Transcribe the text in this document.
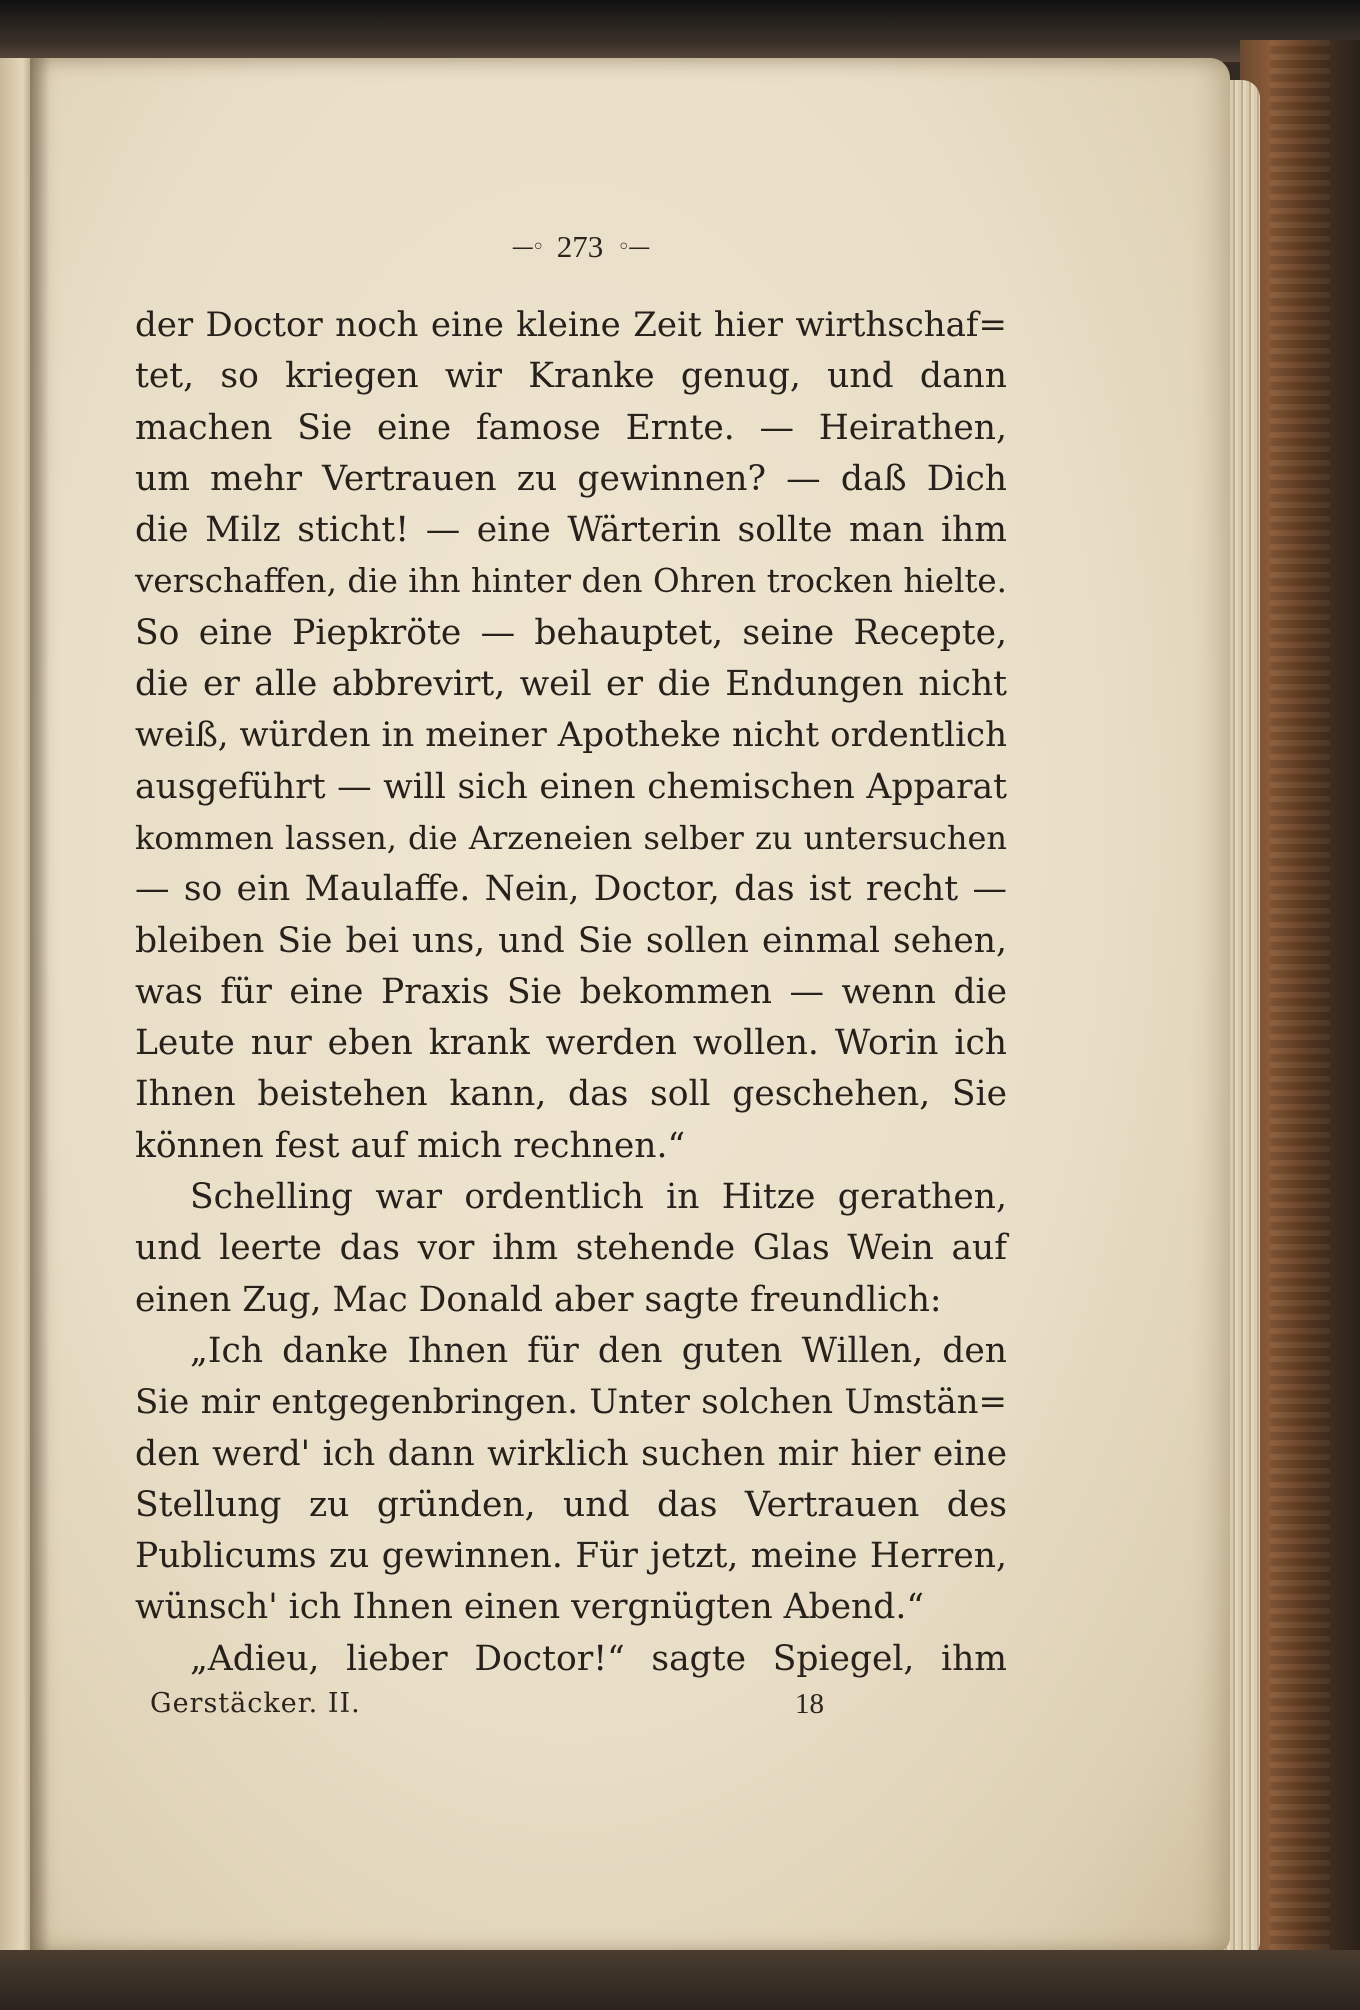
—◦ 273 ◦—
der Doctor noch eine kleine Zeit hier wirthschaf=
tet, so kriegen wir Kranke genug, und dann
machen Sie eine famose Ernte. — Heirathen,
um mehr Vertrauen zu gewinnen? — daß Dich
die Milz sticht! — eine Wärterin sollte man ihm
verschaffen, die ihn hinter den Ohren trocken hielte.
So eine Piepkröte — behauptet, seine Recepte,
die er alle abbrevirt, weil er die Endungen nicht
weiß, würden in meiner Apotheke nicht ordentlich
ausgeführt — will sich einen chemischen Apparat
kommen lassen, die Arzeneien selber zu untersuchen
— so ein Maulaffe. Nein, Doctor, das ist recht —
bleiben Sie bei uns, und Sie sollen einmal sehen,
was für eine Praxis Sie bekommen — wenn die
Leute nur eben krank werden wollen. Worin ich
Ihnen beistehen kann, das soll geschehen, Sie
können fest auf mich rechnen.“
Schelling war ordentlich in Hitze gerathen,
und leerte das vor ihm stehende Glas Wein auf
einen Zug, Mac Donald aber sagte freundlich:
„Ich danke Ihnen für den guten Willen, den
Sie mir entgegenbringen. Unter solchen Umstän=
den werd' ich dann wirklich suchen mir hier eine
Stellung zu gründen, und das Vertrauen des
Publicums zu gewinnen. Für jetzt, meine Herren,
wünsch' ich Ihnen einen vergnügten Abend.“
„Adieu, lieber Doctor!“ sagte Spiegel, ihm
Gerstäcker. II.	18
